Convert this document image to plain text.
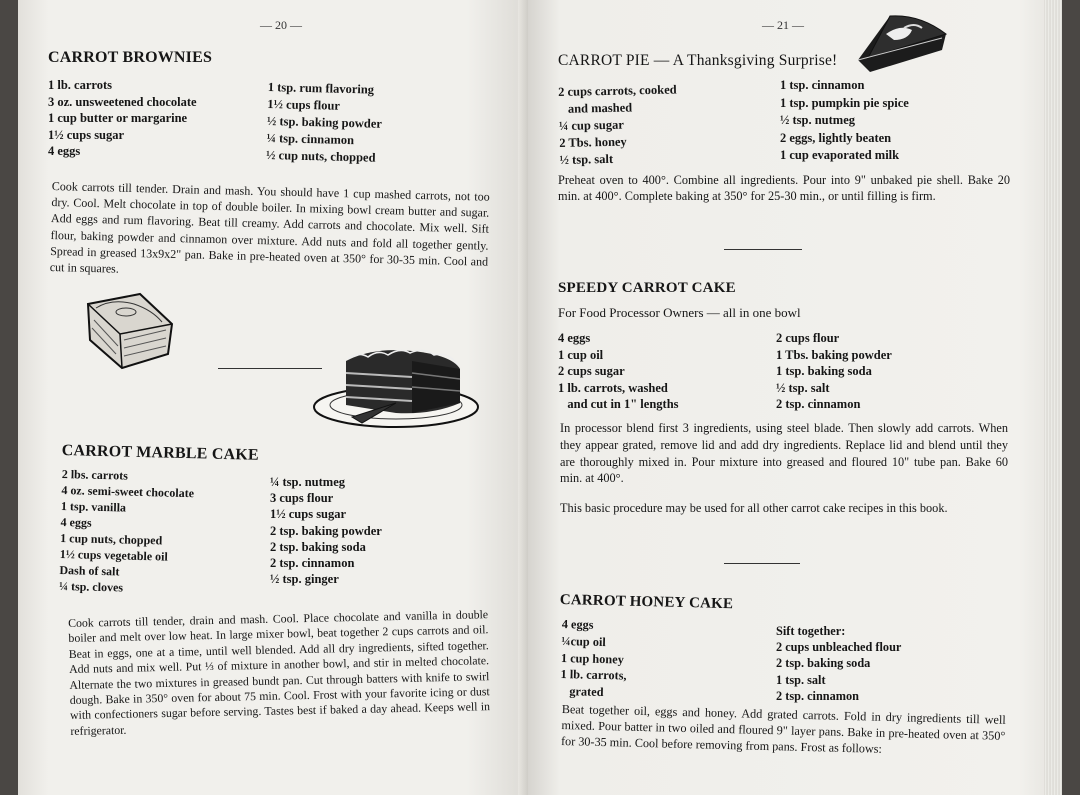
— 20 —
CARROT BROWNIES
1 lb. carrots
3 oz. unsweetened chocolate
1 cup butter or margarine
1½ cups sugar
4 eggs
1 tsp. rum flavoring
1½ cups flour
½ tsp. baking powder
¼ tsp. cinnamon
½ cup nuts, chopped

Cook carrots till tender. Drain and mash. You should have 1 cup mashed carrots, not too dry. Cool. Melt chocolate in top of double boiler. In mixing bowl cream butter and sugar. Add eggs and rum flavoring. Beat till creamy. Add carrots and chocolate. Mix well. Sift flour, baking powder and cinnamon over mixture. Add nuts and fold all together gently. Spread in greased 13x9x2" pan. Bake in pre-heated oven at 350° for 30-35 min. Cool and cut in squares.

CARROT MARBLE CAKE
2 lbs. carrots
4 oz. semi-sweet chocolate
1 tsp. vanilla
4 eggs
1 cup nuts, chopped
1½ cups vegetable oil
Dash of salt
¼ tsp. cloves
¼ tsp. nutmeg
3 cups flour
1½ cups sugar
2 tsp. baking powder
2 tsp. baking soda
2 tsp. cinnamon
½ tsp. ginger

Cook carrots till tender, drain and mash. Cool. Place chocolate and vanilla in double boiler and melt over low heat. In large mixer bowl, beat together 2 cups carrots and oil. Beat in eggs, one at a time, until well blended. Add all dry ingredients, sifted together. Add nuts and mix well. Put ⅓ of mixture in another bowl, and stir in melted chocolate. Alternate the two mixtures in greased bundt pan. Cut through batters with knife to swirl dough. Bake in 350° oven for about 75 min. Cool. Frost with your favorite icing or dust with confectioners sugar before serving. Tastes best if baked a day ahead. Keeps well in refrigerator.

— 21 —
CARROT PIE — A Thanksgiving Surprise!
2 cups carrots, cooked
and mashed
¼ cup sugar
2 Tbs. honey
½ tsp. salt
1 tsp. cinnamon
1 tsp. pumpkin pie spice
½ tsp. nutmeg
2 eggs, lightly beaten
1 cup evaporated milk

Preheat oven to 400°. Combine all ingredients. Pour into 9" unbaked pie shell. Bake 20 min. at 400°. Complete baking at 350° for 25-30 min., or until filling is firm.

SPEEDY CARROT CAKE

For Food Processor Owners — all in one bowl

4 eggs
1 cup oil
2 cups sugar
1 lb. carrots, washed
and cut in 1" lengths
2 cups flour
1 Tbs. baking powder
1 tsp. baking soda
½ tsp. salt
2 tsp. cinnamon

In processor blend first 3 ingredients, using steel blade. Then slowly add carrots. When they appear grated, remove lid and add dry ingredients. Replace lid and blend until they are thoroughly mixed in. Pour mixture into greased and floured 10" tube pan. Bake 60 min. at 400°.

This basic procedure may be used for all other carrot cake recipes in this book.

CARROT HONEY CAKE
4 eggs
¼cup oil
1 cup honey
1 lb. carrots,
grated
Sift together:
2 cups unbleached flour
2 tsp. baking soda
1 tsp. salt
2 tsp. cinnamon

Beat together oil, eggs and honey. Add grated carrots. Fold in dry ingredients till well mixed. Pour batter in two oiled and floured 9" layer pans. Bake in pre-heated oven at 350° for 30-35 min. Cool before removing from pans. Frost as follows:
